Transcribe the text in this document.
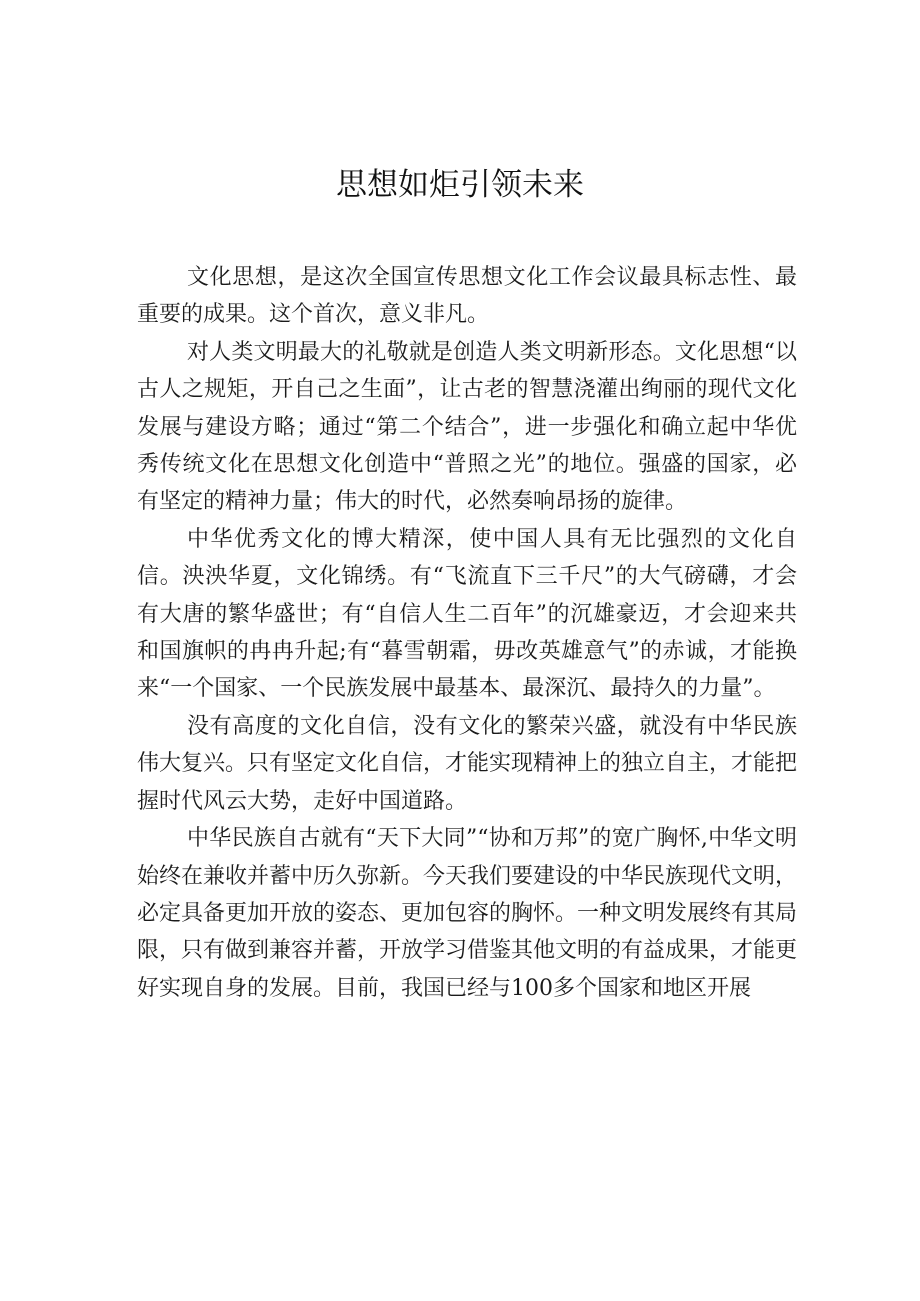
思想如炬引领未来

文化思想，是这次全国宣传思想文化工作会议最具标志性、最重要的成果。这个首次，意义非凡。

对人类文明最大的礼敬就是创造人类文明新形态。文化思想“以古人之规矩，开自己之生面”，让古老的智慧浇灌出绚丽的现代文化发展与建设方略；通过“第二个结合”，进一步强化和确立起中华优秀传统文化在思想文化创造中“普照之光”的地位。强盛的国家，必有坚定的精神力量；伟大的时代，必然奏响昂扬的旋律。

中华优秀文化的博大精深，使中国人具有无比强烈的文化自信。泱泱华夏，文化锦绣。有“飞流直下三千尺”的大气磅礴，才会有大唐的繁华盛世；有“自信人生二百年”的沉雄豪迈，才会迎来共和国旗帜的冉冉升起;有“暮雪朝霜，毋改英雄意气”的赤诚，才能换来“一个国家、一个民族发展中最基本、最深沉、最持久的力量”。

没有高度的文化自信，没有文化的繁荣兴盛，就没有中华民族伟大复兴。只有坚定文化自信，才能实现精神上的独立自主，才能把握时代风云大势，走好中国道路。

中华民族自古就有“天下大同”“协和万邦”的宽广胸怀,中华文明始终在兼收并蓄中历久弥新。今天我们要建设的中华民族现代文明，必定具备更加开放的姿态、更加包容的胸怀。一种文明发展终有其局限，只有做到兼容并蓄，开放学习借鉴其他文明的有益成果，才能更好实现自身的发展。目前，我国已经与100多个国家和地区开展
